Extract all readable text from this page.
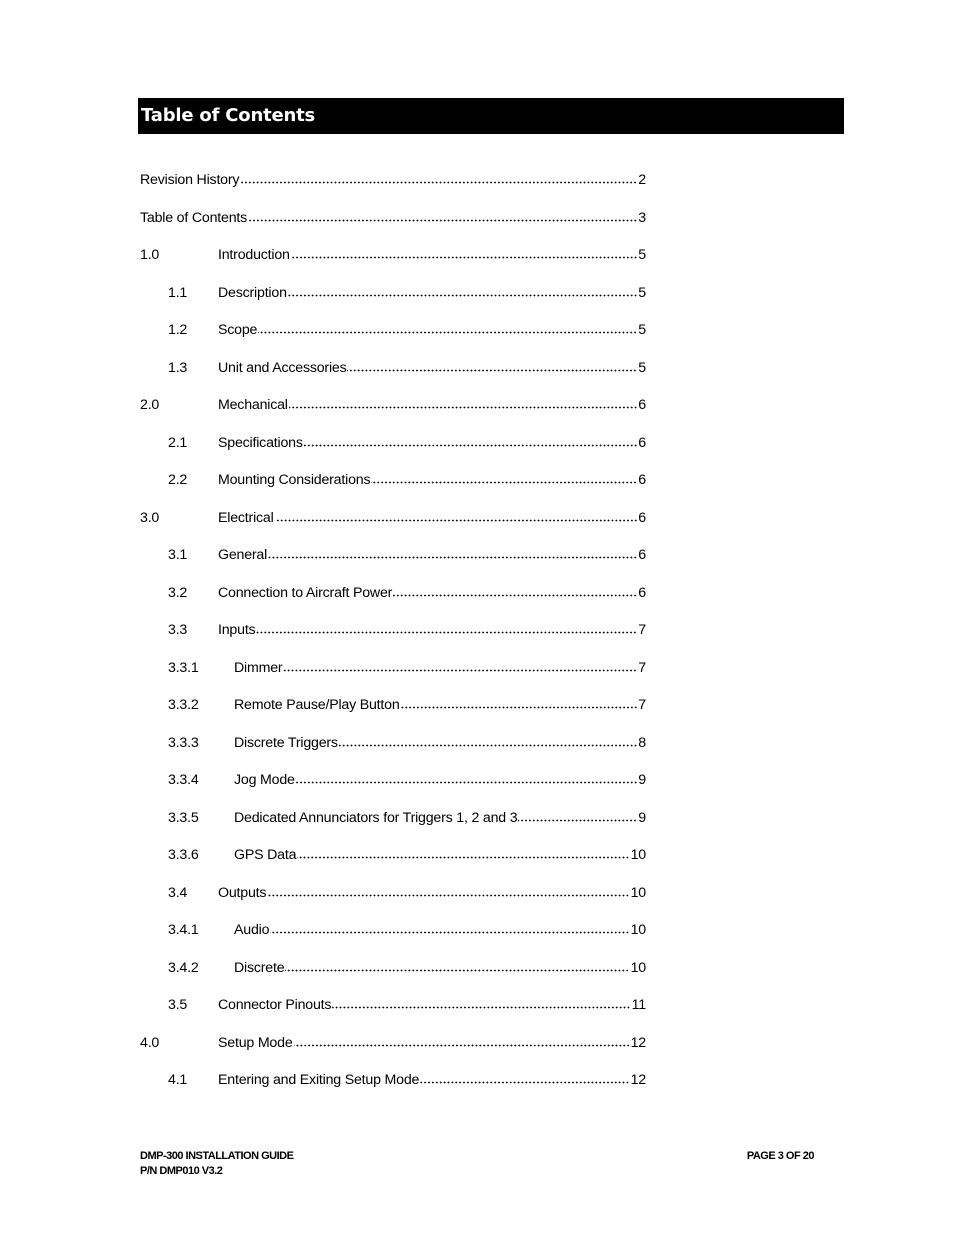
Table of Contents
Revision History	2
Table of Contents	3
1.0	Introduction	5
1.1 Description	5
1.2 Scope	5
1.3 Unit and Accessories	5
2.0	Mechanical	6
2.1 Specifications	6
2.2 Mounting Considerations	6
3.0	Electrical	6
3.1 General	6
3.2 Connection to Aircraft Power	6
3.3 Inputs	7
3.3.1 Dimmer	7
3.3.2 Remote Pause/Play Button	7
3.3.3 Discrete Triggers	8
3.3.4 Jog Mode	9
3.3.5 Dedicated Annunciators for Triggers 1, 2 and 3	9
3.3.6 GPS Data	10
3.4 Outputs	10
3.4.1 Audio	10
3.4.2 Discrete	10
3.5 Connector Pinouts	11
4.0	Setup Mode	12
4.1 Entering and Exiting Setup Mode	12
DMP-300 INSTALLATION GUIDE
P/N DMP010 V3.2
PAGE 3 OF 20
